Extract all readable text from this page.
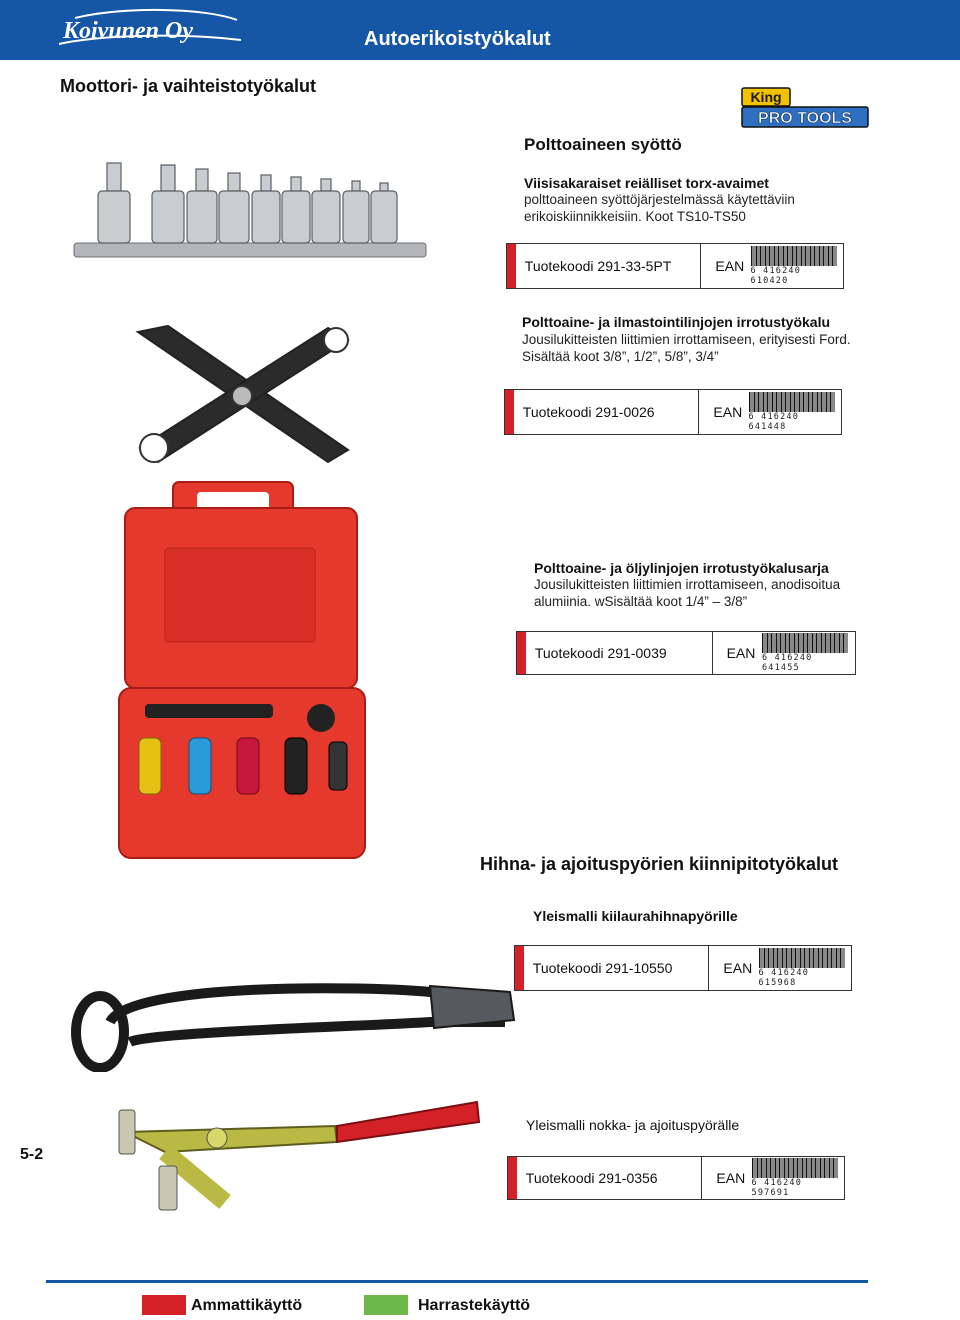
Koivunen Oy	Autoerikoistyökalut
Moottori- ja vaihteistotyökalut
King
PRO TOOLS
Polttoaineen syöttö
Viisisakaraiset reiälliset torx-avaimet
polttoaineen syöttöjärjestelmässä käytettäviin erikoiskiinnikkeisiin. Koot TS10-TS50
Tuotekoodi 291-33-5PT	EAN 6 416240 610420
Polttoaine- ja ilmastointilinjojen irrotustyökalu
Jousilukitteisten liittimien irrottamiseen, erityisesti Ford. Sisältää koot 3/8”, 1/2”, 5/8”, 3/4”
Tuotekoodi 291-0026	EAN 6 416240 641448
Polttoaine- ja öljylinjojen irrotustyökalusarja
Jousilukitteisten liittimien irrottamiseen, anodisoitua alumiinia. wSisältää koot 1/4” – 3/8”
Tuotekoodi 291-0039	EAN 6 416240 641455
Hihna- ja ajoituspyörien kiinnipitotyökalut
Yleismalli kiilaurahihnapyörille
Tuotekoodi 291-10550	EAN 6 416240 615968
Yleismalli nokka- ja ajoituspyörälle
Tuotekoodi 291-0356	EAN 6 416240 597691
5-2
Ammattikäyttö	Harrastekäyttö
